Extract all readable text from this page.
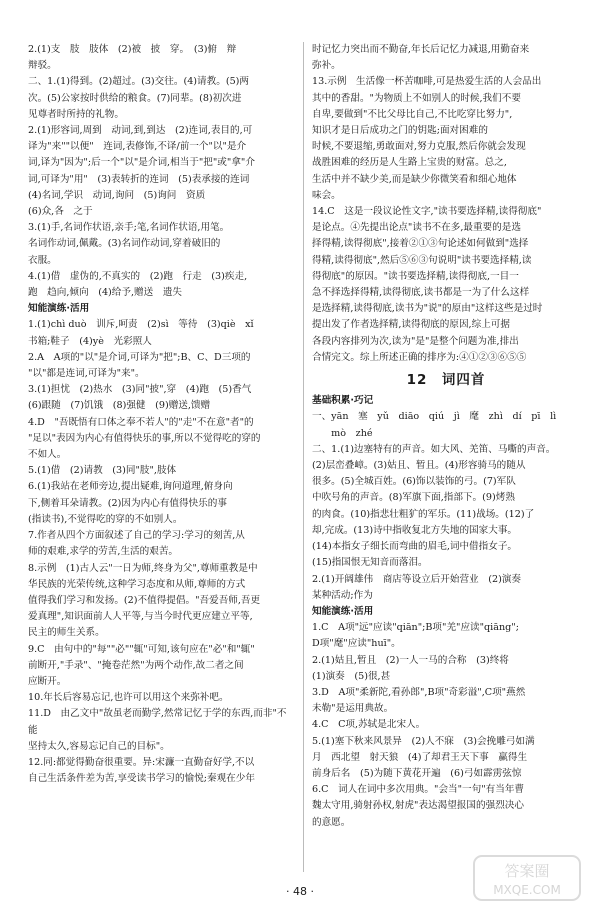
2.(1)支　肢　肢体　(2)被　披　穿。　(3)俯　辩

辩驳。

二、1.(1)得到。(2)超过。(3)交往。(4)请教。(5)两

次。(5)公家按时供给的粮食。(7)同辈。(8)初次进

见尊者时所持的礼物。

2.(1)形容词,周到　动词,到,到达　(2)连词,表目的,可

译为"来""以便"　连词,表修饰,不译/前一个"以"是介

词,译为"因为";后一个"以"是介词,相当于"把"或"拿"介

词,可译为"用"　(3)表转折的连词　(5)表承接的连词

(4)名词,学识　动词,询问　(5)询问　资质

(6)众,各　之于

3.(1)手,名词作状语,亲手;笔,名词作状语,用笔。

名词作动词,佩戴。(3)名词作动词,穿着破旧的

衣服。

4.(1)借　虚伪的,不真实的　(2)跑　行走　(3)疾走,

跑　趋向,倾向　(4)给予,赠送　遗失

知能演练·活用

1.(1)chì duò　训斥,呵责　(2)sì　等待　(3)qiè　xǐ

书箱;鞋子　(4)yè　光彩照人

2.A　A项的"以"是介词,可译为"把";B、C、D三项的

"以"都是连词,可译为"来"。

3.(1)担忧　(2)热水　(3)同"披",穿　(4)跑　(5)香气

(6)跟随　(7)饥饿　(8)强健　(9)赠送,馈赠

4.D　"吾既悟有口体之奉不若人"的"走"不在意"者"的

"足以"表因为内心有值得快乐的事,所以不觉得吃的穿的

不如人。

5.(1)借　(2)请教　(3)同"肢",肢体

6.(1)我站在老师旁边,提出疑难,询问道理,俯身向

下,侧着耳朵请教。(2)因为内心有值得快乐的事

(指读书),不觉得吃的穿的不如别人。

7.作者从四个方面叙述了自己的学习:学习的刻苦,从

师的艰难,求学的劳苦,生活的艰苦。

8.示例　(1)古人云"一日为师,终身为父",尊师重教是中

华民族的光荣传统,这种学习态度和从师,尊师的方式

值得我们学习和发扬。(2)不值得提倡。"吾爱吾师,吾更

爱真理",知识面前人人平等,与当今时代更应建立平等,

民主的师生关系。

9.C　由句中的"每""必""辄"可知,该句应在"必"和"辄"

前断开,"手录"、"掩卷茫然"为两个动作,故二者之间

应断开。

10.年长后容易忘记,也许可以用这个来弥补吧。

11.D　由乙文中"故虽老而勤学,然常记忆于学的东西,而非"不能

坚持太久,容易忘记自己的目标"。

12.同:都觉得勤奋很重要。异:宋濂一直勤奋好学,不以

自己生活条件差为苦,享受读书学习的愉悦;秦观在少年

时记忆力突出而不勤奋,年长后记忆力减退,用勤奋来

弥补。

13.示例　生活像一杯苦咖啡,可是热爱生活的人会品出

其中的香甜。"为物质上不如别人的时候,我们不要

自卑,要做到"不比父母比自己,不比吃穿比努力",

知识才是日后成功之门的钥匙;面对困难的

时候,不要退缩,勇敢面对,努力克服,然后你就会发现

战胜困难的经历是人生路上宝贵的财富。总之,

生活中并不缺少美,而是缺少你微笑看和细心地体

味会。

14.C　这是一段议论性文字,"读书要选择精,读得彻底"

是论点。④先提出论点"读书不在多,最重要的是选

择得精,读得彻底",接着②①③句论述如何做到"选择

得精,读得彻底",然后⑤⑥③句说明"读书要选择精,读

得彻底"的原因。"读书要选择精,读得彻底,一目一

急不择选择得精,读得彻底,读书都是一为了什么这样

是选择精,读得彻底,读书为"说"的原由"这样这些是过时

提出发了作者选择精,读得彻底的原因,综上可据

各段内容排列为次,读为"是"是整个问题为准,排出

合情完文。综上所述正确的排序为:④①②③⑥⑤⑤

12　词四首
基础积累·巧记

一、yān　塞　yǔ　diāo　qiú　jì　麾　zhì　dí　pī　lì

　　mò　zhé

二、1.(1)边塞特有的声音。如大风、羌笛、马嘶的声音。

(2)层峦叠嶂。(3)姑且、暂且。(4)形容骑马的随从

很多。(5)全城百姓。(6)饰以装饰的弓。(7)军队

中吹号角的声音。(8)军旗下面,指部下。(9)烤熟

的肉食。(10)指悲壮粗犷的军乐。(11)战场。(12)了

却,完成。(13)诗中指收复北方失地的国家大事。

(14)本指女子细长而弯曲的眉毛,词中借指女子。

(15)指国恨无知音而落泪。

2.(1)开阔雄伟　商店等设立后开始营业　(2)演奏

某种活动;作为

知能演练·活用

1.C　A项"远"应读"qiān";B项"羌"应读"qiāng";

D项"麾"应读"huī"。

2.(1)姑且,暂且　(2)一人一马的合称　(3)终将

(1)演奏　(5)很,甚

3.D　A项"柔新陀,看孙郎",B项"奇彩溢",C项"燕然

未勒"是运用典故。

4.C　C项,苏轼是北宋人。

5.(1)塞下秋来风景异　(2)人不寐　(3)会挽雕弓如满

月　西北望　射天狼　(4)了却君王天下事　赢得生

前身后名　(5)为随下黄花开遍　(6)弓如霹雳弦惊

6.C　词人在词中多次用典。"会当"一句"有当年曹

魏太守用,骑射孙权,射虎"表达渴望报国的强烈决心

的意愿。

· 48 ·
答案圈
MXQE.COM
